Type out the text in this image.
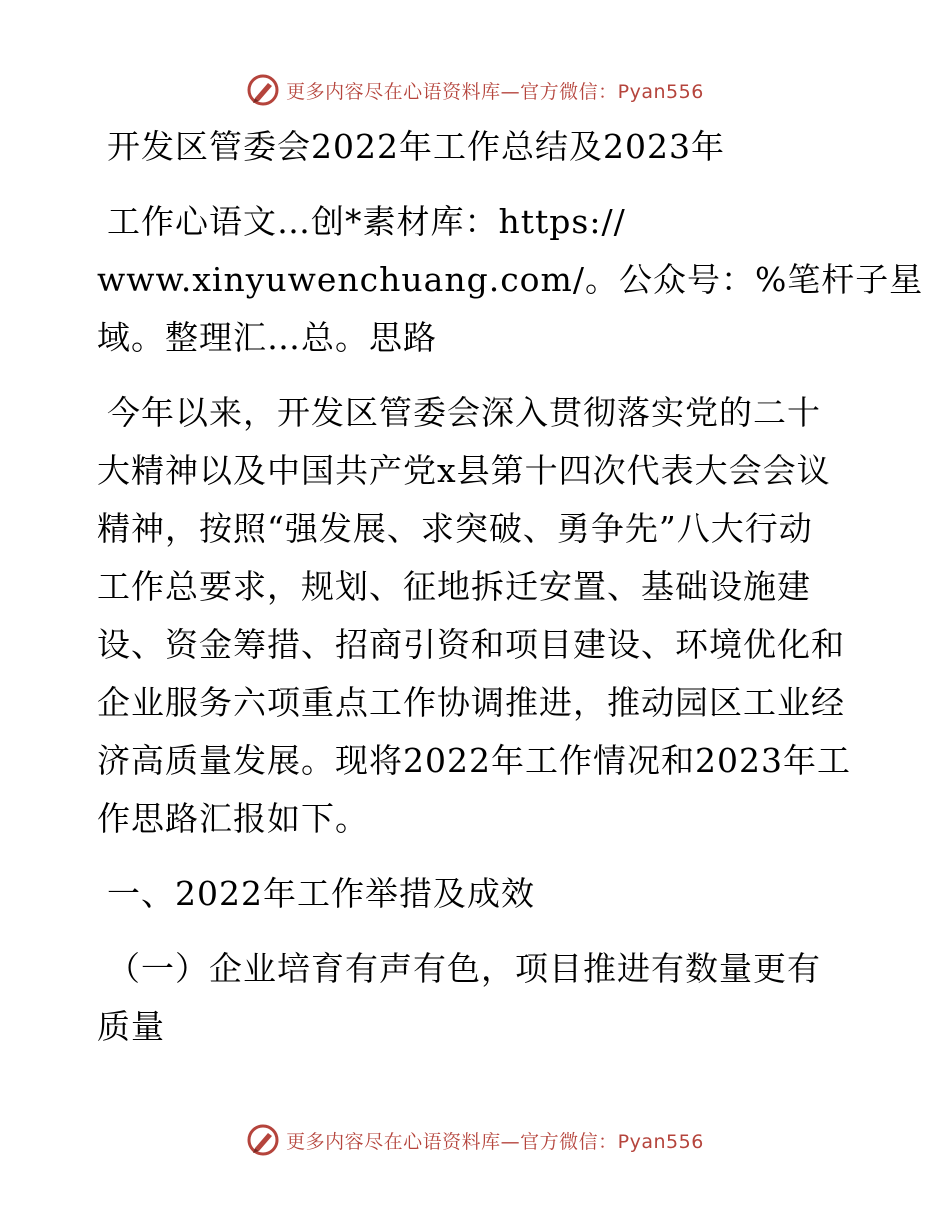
更多内容尽在心语资料库—官方微信：Pyan556
开发区管委会2022年工作总结及2023年
工作心语文…创*素材库：https://
www.xinyuwenchuang.com/。公众号：%笔杆子星
域。整理汇…总。思路
今年以来，开发区管委会深入贯彻落实党的二十
大精神以及中国共产党x县第十四次代表大会会议
精神，按照“强发展、求突破、勇争先”八大行动
工作总要求，规划、征地拆迁安置、基础设施建
设、资金筹措、招商引资和项目建设、环境优化和
企业服务六项重点工作协调推进，推动园区工业经
济高质量发展。现将2022年工作情况和2023年工
作思路汇报如下。
一、2022年工作举措及成效
（一）企业培育有声有色，项目推进有数量更有
质量
更多内容尽在心语资料库—官方微信：Pyan556
